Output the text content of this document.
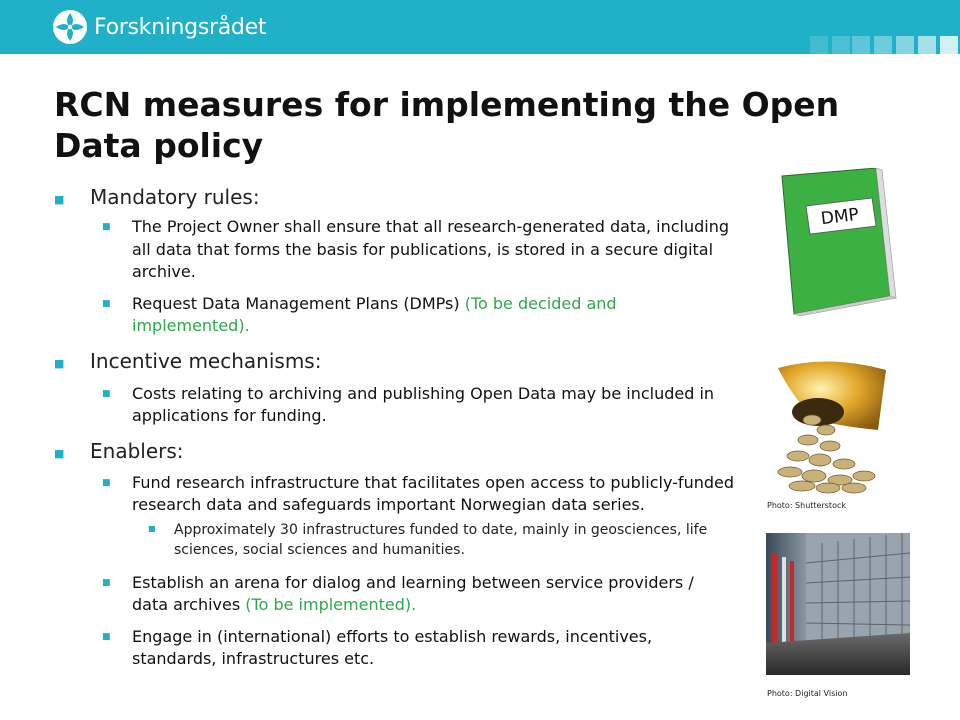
Forskningsrådet
RCN measures for implementing the Open Data policy
■ Mandatory rules:
■ The Project Owner shall ensure that all research-generated data, including all data that forms the basis for publications, is stored in a secure digital archive.
■ Request Data Management Plans (DMPs) (To be decided and implemented).
■ Incentive mechanisms:
■ Costs relating to archiving and publishing Open Data may be included in applications for funding.
■ Enablers:
■ Fund research infrastructure that facilitates open access to publicly-funded research data and safeguards important Norwegian data series.
■ Approximately 30 infrastructures funded to date, mainly in geosciences, life sciences, social sciences and humanities.
■ Establish an arena for dialog and learning between service providers / data archives (To be implemented).
■ Engage in (international) efforts to establish rewards, incentives, standards, infrastructures etc.
DMP
Photo: Shutterstock
Photo: Digital Vision
